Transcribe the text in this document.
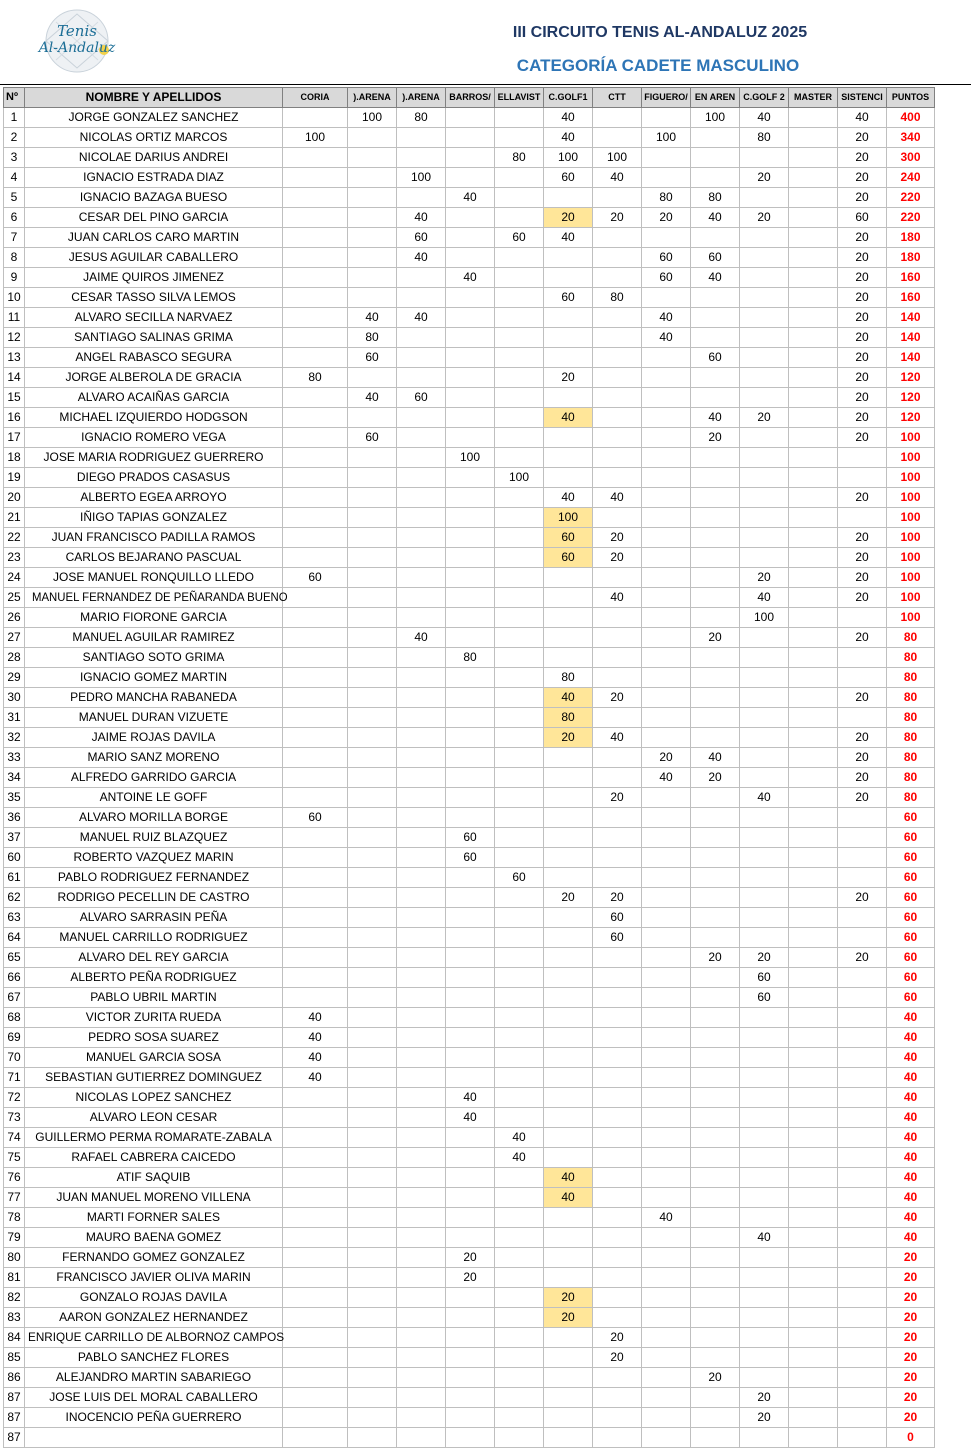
Tenis
Al-Andaluz
III CIRCUITO TENIS AL-ANDALUZ 2025
CATEGORÍA CADETE MASCULINO
Nº	NOMBRE Y APELLIDOS	CORIA	).ARENA	).ARENA	BARROS/	ELLAVIST	C.GOLF1	CTT	FIGUERO/	EN AREN	C.GOLF 2	MASTER	SISTENCI	PUNTOS
1	JORGE GONZALEZ SANCHEZ		100	80			40			100	40		40	400
2	NICOLAS ORTIZ MARCOS	100					40		100		80		20	340
3	NICOLAE DARIUS ANDREI					80	100	100					20	300
4	IGNACIO ESTRADA DIAZ			100			60	40			20		20	240
5	IGNACIO BAZAGA BUESO				40				80	80			20	220
6	CESAR DEL PINO GARCIA			40			20	20	20	40	20		60	220
7	JUAN CARLOS CARO MARTIN			60		60	40						20	180
8	JESUS AGUILAR CABALLERO			40					60	60			20	180
9	JAIME QUIROS JIMENEZ				40				60	40			20	160
10	CESAR TASSO SILVA LEMOS						60	80					20	160
11	ALVARO SECILLA NARVAEZ		40	40					40				20	140
12	SANTIAGO SALINAS GRIMA		80						40				20	140
13	ANGEL RABASCO SEGURA		60							60			20	140
14	JORGE ALBEROLA DE GRACIA	80					20						20	120
15	ALVARO ACAIÑAS GARCIA		40	60									20	120
16	MICHAEL IZQUIERDO HODGSON						40			40	20		20	120
17	IGNACIO ROMERO VEGA		60							20			20	100
18	JOSE MARIA RODRIGUEZ GUERRERO				100									100
19	DIEGO PRADOS CASASUS					100								100
20	ALBERTO EGEA ARROYO						40	40					20	100
21	IÑIGO TAPIAS GONZALEZ						100							100
22	JUAN FRANCISCO PADILLA RAMOS						60	20					20	100
23	CARLOS BEJARANO PASCUAL						60	20					20	100
24	JOSE MANUEL RONQUILLO LLEDO	60									20		20	100
25	MANUEL FERNANDEZ DE PEÑARANDA BUENO							40			40		20	100
26	MARIO FIORONE GARCIA										100			100
27	MANUEL AGUILAR RAMIREZ			40						20			20	80
28	SANTIAGO SOTO GRIMA				80									80
29	IGNACIO GOMEZ MARTIN						80							80
30	PEDRO MANCHA RABANEDA						40	20					20	80
31	MANUEL DURAN VIZUETE						80							80
32	JAIME ROJAS DAVILA						20	40					20	80
33	MARIO SANZ MORENO								20	40			20	80
34	ALFREDO GARRIDO GARCIA								40	20			20	80
35	ANTOINE LE GOFF							20			40		20	80
36	ALVARO MORILLA BORGE	60												60
37	MANUEL RUIZ BLAZQUEZ				60									60
60	ROBERTO VAZQUEZ MARIN				60									60
61	PABLO RODRIGUEZ FERNANDEZ					60								60
62	RODRIGO PECELLIN DE CASTRO						20	20					20	60
63	ALVARO SARRASIN PEÑA							60						60
64	MANUEL CARRILLO RODRIGUEZ							60						60
65	ALVARO DEL REY GARCIA									20	20		20	60
66	ALBERTO PEÑA RODRIGUEZ										60			60
67	PABLO UBRIL MARTIN										60			60
68	VICTOR ZURITA RUEDA	40												40
69	PEDRO SOSA SUAREZ	40												40
70	MANUEL GARCIA SOSA	40												40
71	SEBASTIAN GUTIERREZ DOMINGUEZ	40												40
72	NICOLAS LOPEZ SANCHEZ				40									40
73	ALVARO LEON CESAR				40									40
74	GUILLERMO PERMA ROMARATE-ZABALA					40								40
75	RAFAEL CABRERA CAICEDO					40								40
76	ATIF SAQUIB						40							40
77	JUAN MANUEL MORENO VILLENA						40							40
78	MARTI FORNER SALES								40					40
79	MAURO BAENA GOMEZ										40			40
80	FERNANDO GOMEZ GONZALEZ				20									20
81	FRANCISCO JAVIER OLIVA MARIN				20									20
82	GONZALO ROJAS DAVILA						20							20
83	AARON GONZALEZ HERNANDEZ						20							20
84	ENRIQUE CARRILLO DE ALBORNOZ CAMPOS							20						20
85	PABLO SANCHEZ FLORES							20						20
86	ALEJANDRO MARTIN SABARIEGO									20				20
87	JOSE LUIS DEL MORAL CABALLERO										20			20
87	INOCENCIO PEÑA GUERRERO										20			20
87														0
